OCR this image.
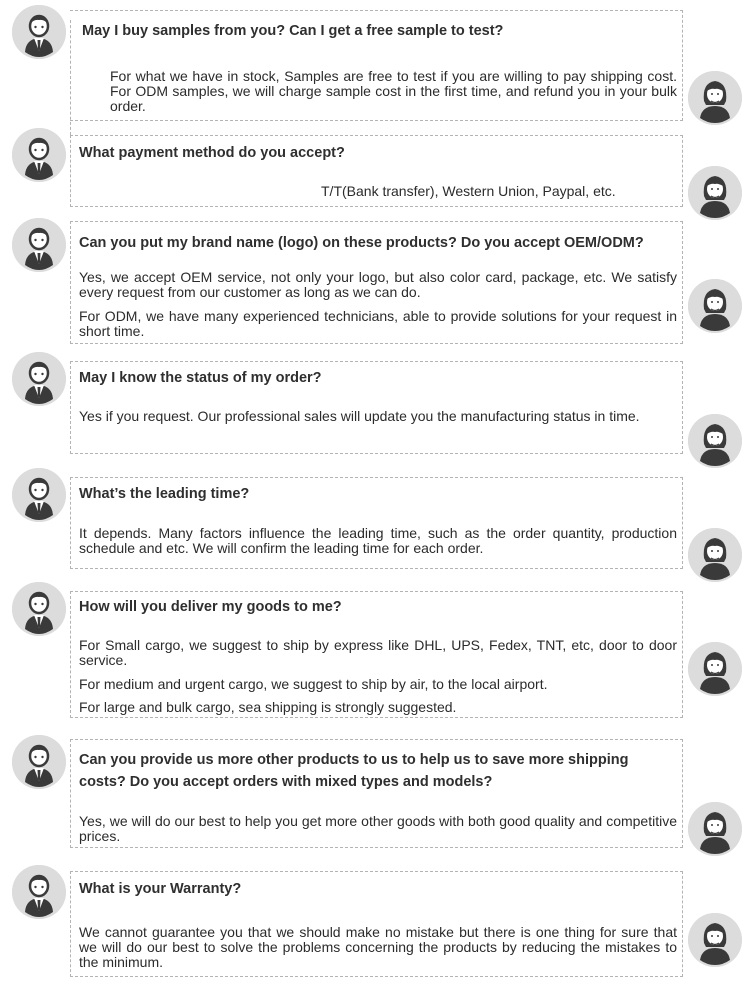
May I buy samples from you? Can I get a free sample to test?
For what we have in stock, Samples are free to test if you are willing to pay shipping cost. For ODM samples, we will charge sample cost in the first time, and refund you in your bulk order.
What payment method do you accept?
T/T(Bank transfer), Western Union, Paypal, etc.
Can you put my brand name (logo) on these products? Do you accept OEM/ODM?
Yes, we accept OEM service, not only your logo, but also color card, package, etc. We satisfy every request from our customer as long as we can do.
For ODM, we have many experienced technicians, able to provide solutions for your request in short time.
May I know the status of my order?
Yes if you request. Our professional sales will update you the manufacturing status in time.
What’s the leading time?
It depends. Many factors influence the leading time, such as the order quantity, production schedule and etc. We will confirm the leading time for each order.
How will you deliver my goods to me?
For Small cargo, we suggest to ship by express like DHL, UPS, Fedex, TNT, etc, door to door service.
For medium and urgent cargo, we suggest to ship by air, to the local airport.
For large and bulk cargo, sea shipping is strongly suggested.
Can you provide us more other products to us to help us to save more shipping costs? Do you accept orders with mixed types and models?
Yes, we will do our best to help you get more other goods with both good quality and competitive prices.
What is your Warranty?
We cannot guarantee you that we should make no mistake but there is one thing for sure that we will do our best to solve the problems concerning the products by reducing the mistakes to the minimum.
